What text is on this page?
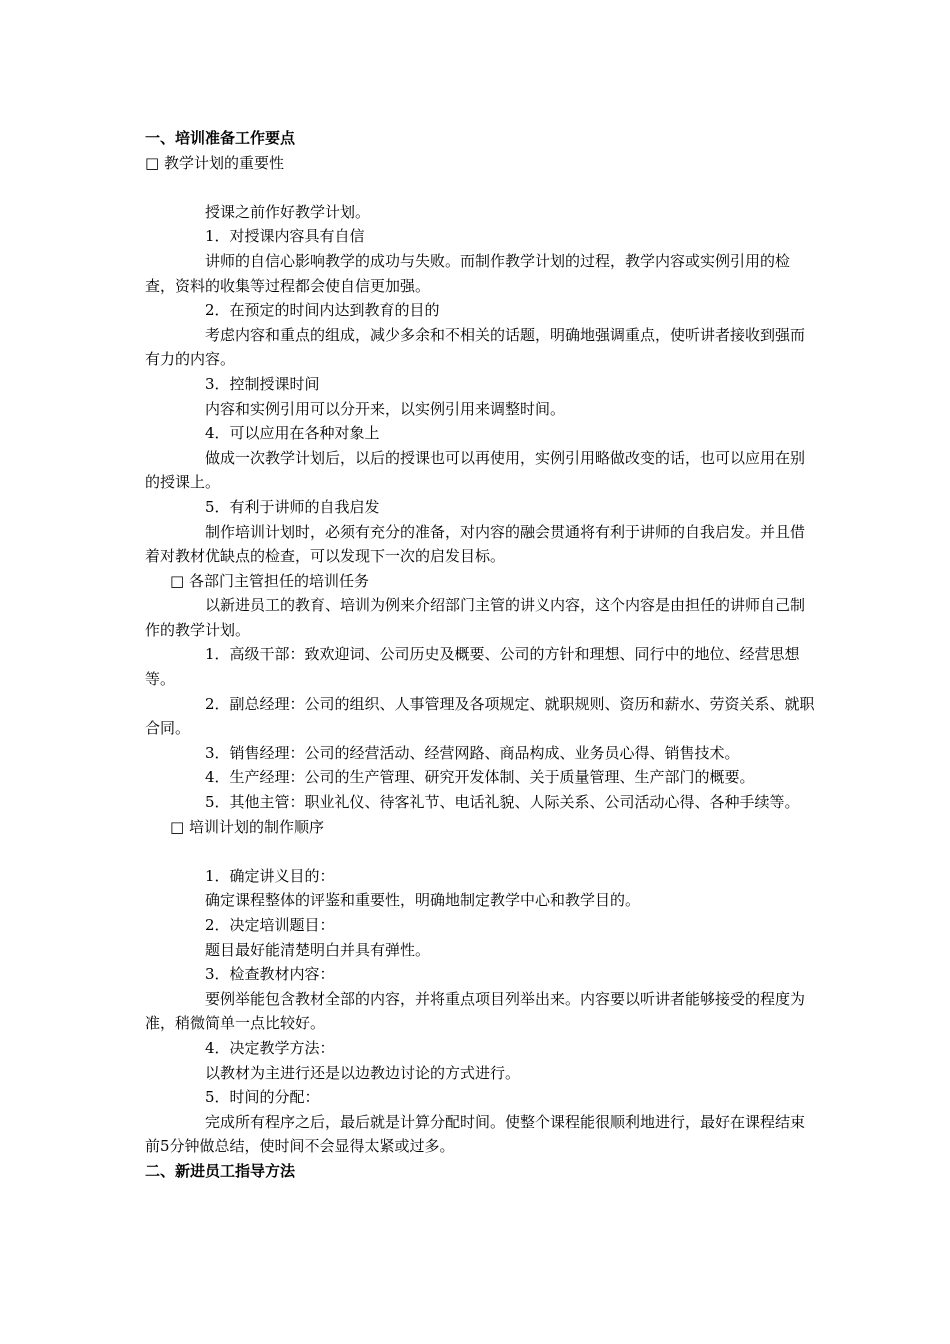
一、培训准备工作要点

□ 教学计划的重要性

授课之前作好教学计划。

1．对授课内容具有自信

讲师的自信心影响教学的成功与失败。而制作教学计划的过程，教学内容或实例引用的检查，资料的收集等过程都会使自信更加强。

2．在预定的时间内达到教育的目的

考虑内容和重点的组成，减少多余和不相关的话题，明确地强调重点，使听讲者接收到强而有力的内容。

3．控制授课时间

内容和实例引用可以分开来，以实例引用来调整时间。

4．可以应用在各种对象上

做成一次教学计划后，以后的授课也可以再使用，实例引用略做改变的话，也可以应用在别的授课上。

5．有利于讲师的自我启发

制作培训计划时，必须有充分的准备，对内容的融会贯通将有利于讲师的自我启发。并且借着对教材优缺点的检查，可以发现下一次的启发目标。

□ 各部门主管担任的培训任务

以新进员工的教育、培训为例来介绍部门主管的讲义内容，这个内容是由担任的讲师自己制作的教学计划。

1．高级干部：致欢迎词、公司历史及概要、公司的方针和理想、同行中的地位、经营思想等。

2．副总经理：公司的组织、人事管理及各项规定、就职规则、资历和薪水、劳资关系、就职合同。

3．销售经理：公司的经营活动、经营网路、商品构成、业务员心得、销售技术。

4．生产经理：公司的生产管理、研究开发体制、关于质量管理、生产部门的概要。

5．其他主管：职业礼仪、待客礼节、电话礼貌、人际关系、公司活动心得、各种手续等。

□ 培训计划的制作顺序

1．确定讲义目的：

确定课程整体的评鉴和重要性，明确地制定教学中心和教学目的。

2．决定培训题目：

题目最好能清楚明白并具有弹性。

3．检查教材内容：

要例举能包含教材全部的内容，并将重点项目列举出来。内容要以听讲者能够接受的程度为准，稍微简单一点比较好。

4．决定教学方法：

以教材为主进行还是以边教边讨论的方式进行。

5．时间的分配：

完成所有程序之后，最后就是计算分配时间。使整个课程能很顺利地进行，最好在课程结束前5分钟做总结，使时间不会显得太紧或过多。

二、新进员工指导方法
